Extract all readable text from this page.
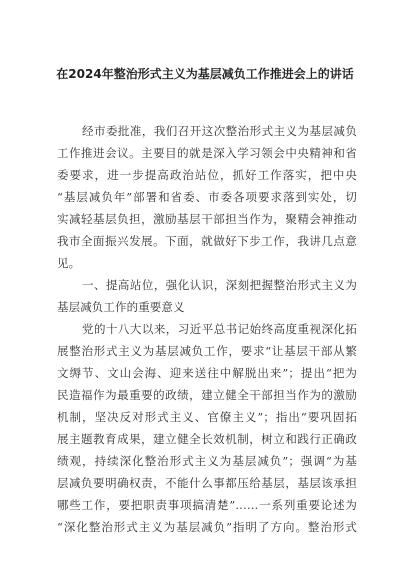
在2024年整治形式主义为基层减负工作推进会上的讲话
经市委批准，我们召开这次整治形式主义为基层减负
工作推进会议。主要目的就是深入学习领会中央精神和省
委要求，进一步提高政治站位，抓好工作落实，把中央
“基层减负年”部署和省委、市委各项要求落到实处，切
实减轻基层负担，激励基层干部担当作为，聚精会神推动
我市全面振兴发展。下面，就做好下步工作，我讲几点意
见。
一、提高站位，强化认识，深刻把握整治形式主义为
基层减负工作的重要意义
党的十八大以来，习近平总书记始终高度重视深化拓
展整治形式主义为基层减负工作，要求“让基层干部从繁
文缛节、文山会海、迎来送往中解脱出来”；提出“把为
民造福作为最重要的政绩，建立健全干部担当作为的激励
机制，坚决反对形式主义、官僚主义”；指出“要巩固拓
展主题教育成果，建立健全长效机制，树立和践行正确政
绩观，持续深化整治形式主义为基层减负”；强调“为基
层减负要明确权责，不能什么事都压给基层，基层该承担
哪些工作，要把职责事项搞清楚”……一系列重要论述为
“深化整治形式主义为基层减负”指明了方向。整治形式
